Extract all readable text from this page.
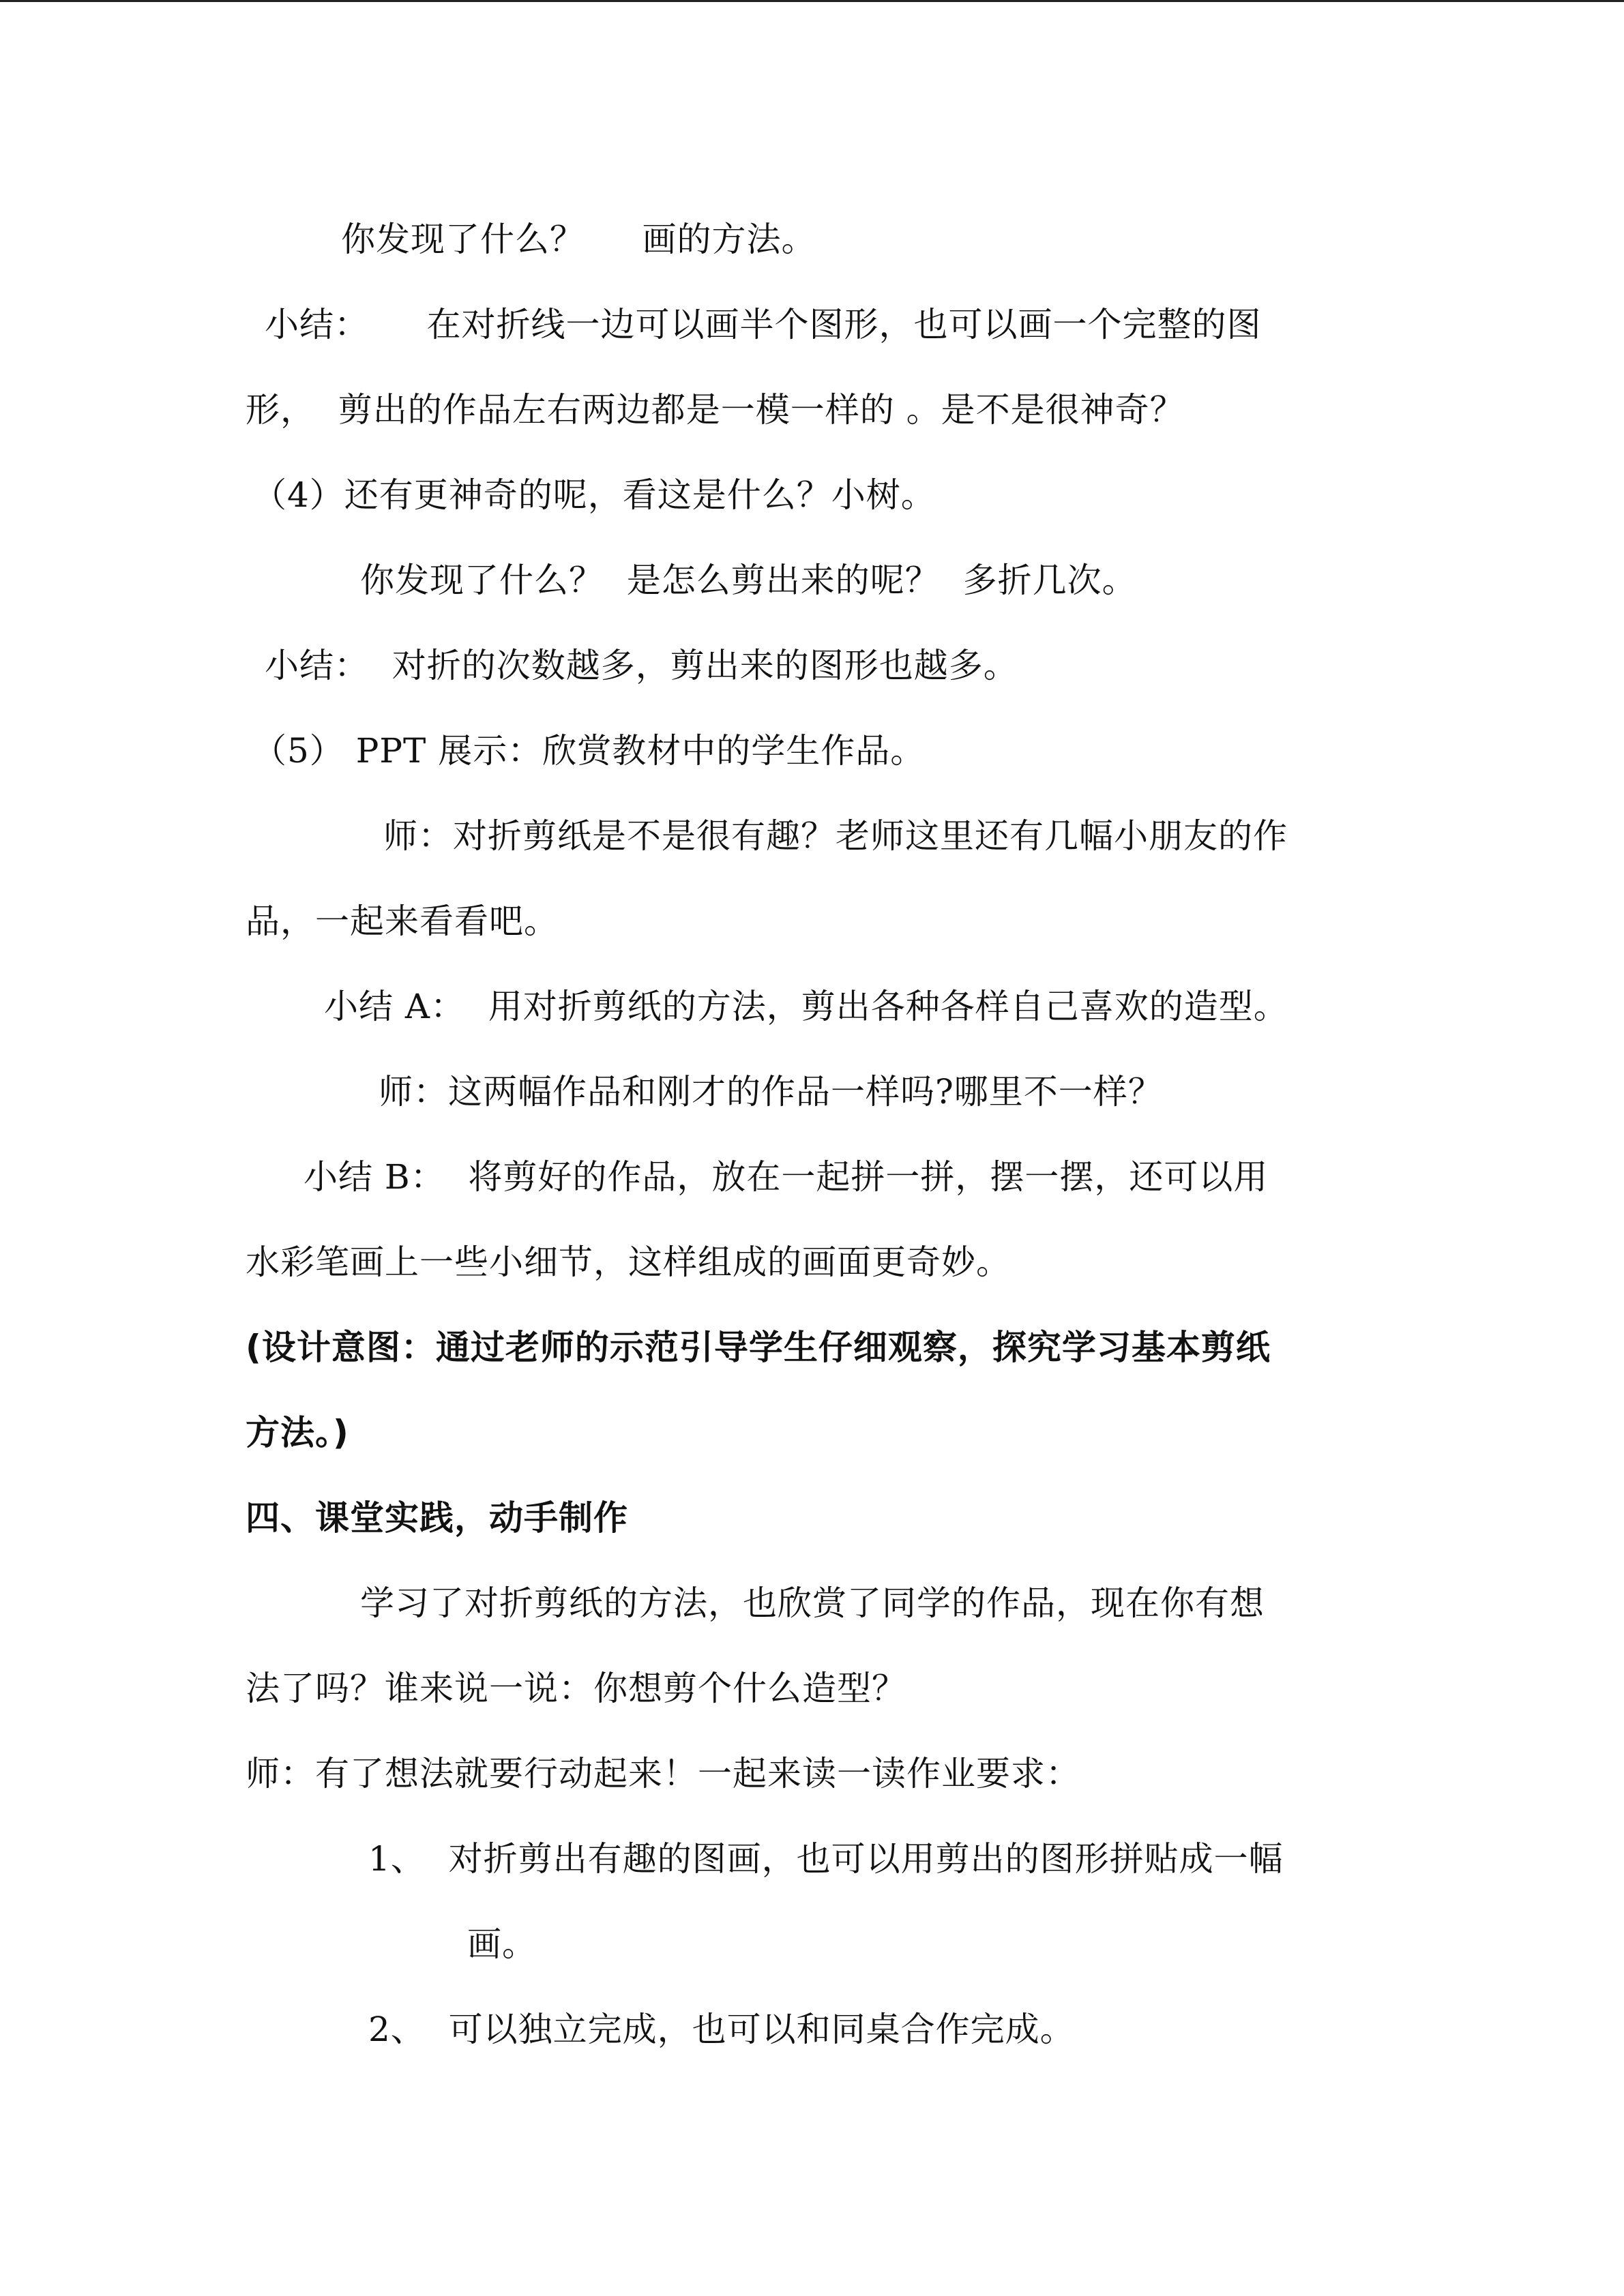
你发现了什么？     画的方法。
小结：     在对折线一边可以画半个图形，也可以画一个完整的图
形，  剪出的作品左右两边都是一模一样的 。是不是很神奇？
（4）还有更神奇的呢，看这是什么？小树。
你发现了什么？  是怎么剪出来的呢？  多折几次。
小结：  对折的次数越多，剪出来的图形也越多。
（5） PPT 展示：欣赏教材中的学生作品。
师：对折剪纸是不是很有趣？老师这里还有几幅小朋友的作
品，一起来看看吧。
小结 A：  用对折剪纸的方法，剪出各种各样自己喜欢的造型。
师：这两幅作品和刚才的作品一样吗?哪里不一样？
小结 B：  将剪好的作品，放在一起拼一拼，摆一摆，还可以用
水彩笔画上一些小细节，这样组成的画面更奇妙。
(设计意图：通过老师的示范引导学生仔细观察，探究学习基本剪纸
方法。)
四、课堂实践，动手制作
学习了对折剪纸的方法，也欣赏了同学的作品，现在你有想
法了吗？谁来说一说：你想剪个什么造型？
师：有了想法就要行动起来！一起来读一读作业要求：
1、  对折剪出有趣的图画，也可以用剪出的图形拼贴成一幅
画。
2、  可以独立完成，也可以和同桌合作完成。
